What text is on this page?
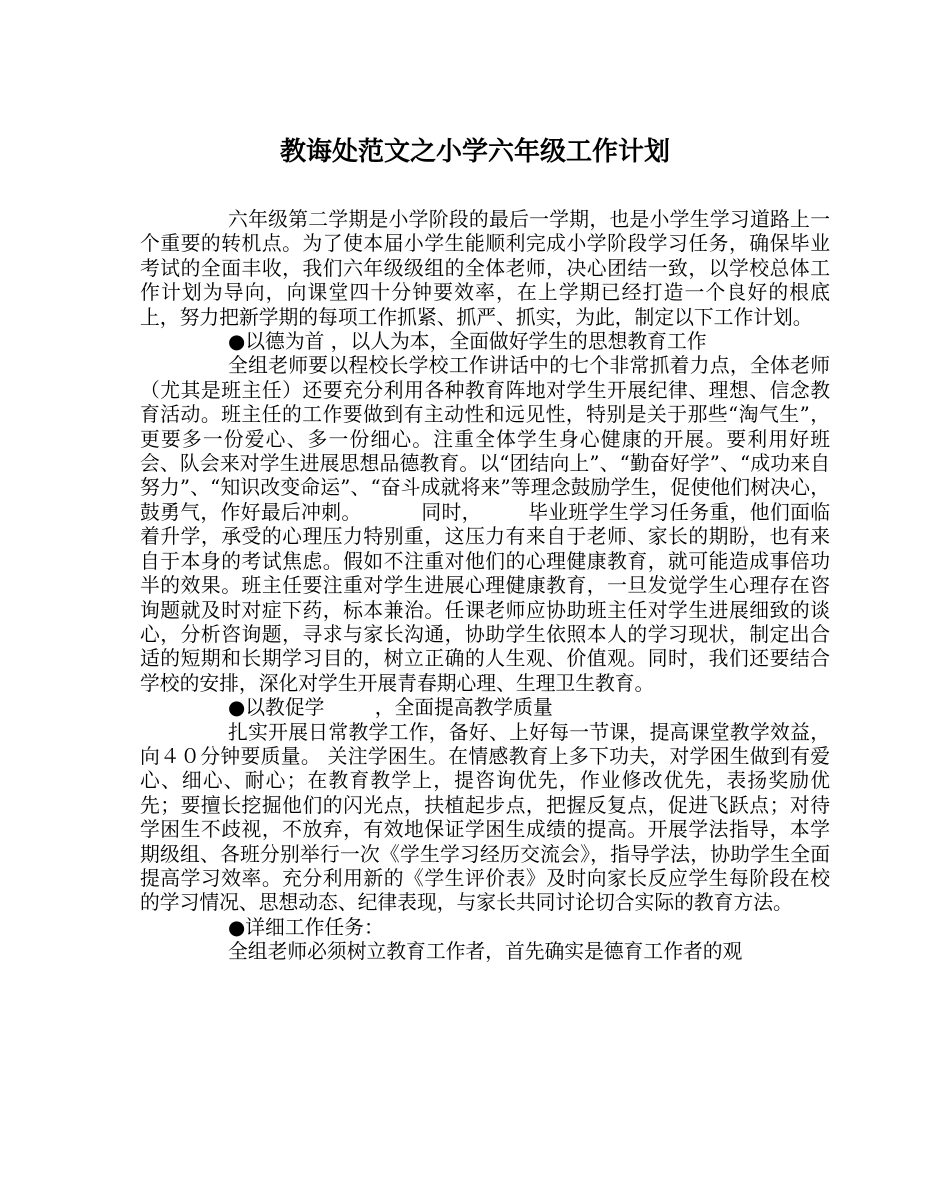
教诲处范文之小学六年级工作计划

六年级第二学期是小学阶段的最后一学期，也是小学生学习道路上一个重要的转机点。为了使本届小学生能顺利完成小学阶段学习任务，确保毕业考试的全面丰收，我们六年级级组的全体老师，决心团结一致，以学校总体工作计划为导向，向课堂四十分钟要效率，在上学期已经打造一个良好的根底上，努力把新学期的每项工作抓紧、抓严、抓实，为此，制定以下工作计划。

●以德为首 ，以人为本，全面做好学生的思想教育工作

全组老师要以程校长学校工作讲话中的七个非常抓着力点，全体老师（尤其是班主任）还要充分利用各种教育阵地对学生开展纪律、理想、信念教育活动。班主任的工作要做到有主动性和远见性，特别是关于那些“淘气生”，更要多一份爱心、多一份细心。注重全体学生身心健康的开展。要利用好班会、队会来对学生进展思想品德教育。以“团结向上”、“勤奋好学”、“成功来自努力”、“知识改变命运”、“奋斗成就将来”等理念鼓励学生，促使他们树决心，鼓勇气，作好最后冲刺。         同时，       毕业班学生学习任务重，他们面临着升学，承受的心理压力特别重，这压力有来自于老师、家长的期盼，也有来自于本身的考试焦虑。假如不注重对他们的心理健康教育，就可能造成事倍功半的效果。班主任要注重对学生进展心理健康教育，一旦发觉学生心理存在咨询题就及时对症下药，标本兼治。任课老师应协助班主任对学生进展细致的谈心，分析咨询题，寻求与家长沟通，协助学生依照本人的学习现状，制定出合适的短期和长期学习目的，树立正确的人生观、价值观。同时，我们还要结合学校的安排，深化对学生开展青春期心理、生理卫生教育。

●以教促学        ，全面提高教学质量

扎实开展日常教学工作，备好、上好每一节课，提高课堂教学效益，向４０分钟要质量。 关注学困生。在情感教育上多下功夫，对学困生做到有爱心、细心、耐心；在教育教学上，提咨询优先，作业修改优先，表扬奖励优先；要擅长挖掘他们的闪光点，扶植起步点，把握反复点，促进飞跃点；对待学困生不歧视，不放弃，有效地保证学困生成绩的提高。开展学法指导，本学期级组、各班分别举行一次《学生学习经历交流会》，指导学法，协助学生全面提高学习效率。充分利用新的《学生评价表》及时向家长反应学生每阶段在校的学习情况、思想动态、纪律表现，与家长共同讨论切合实际的教育方法。

●详细工作任务：

全组老师必须树立教育工作者，首先确实是德育工作者的观
